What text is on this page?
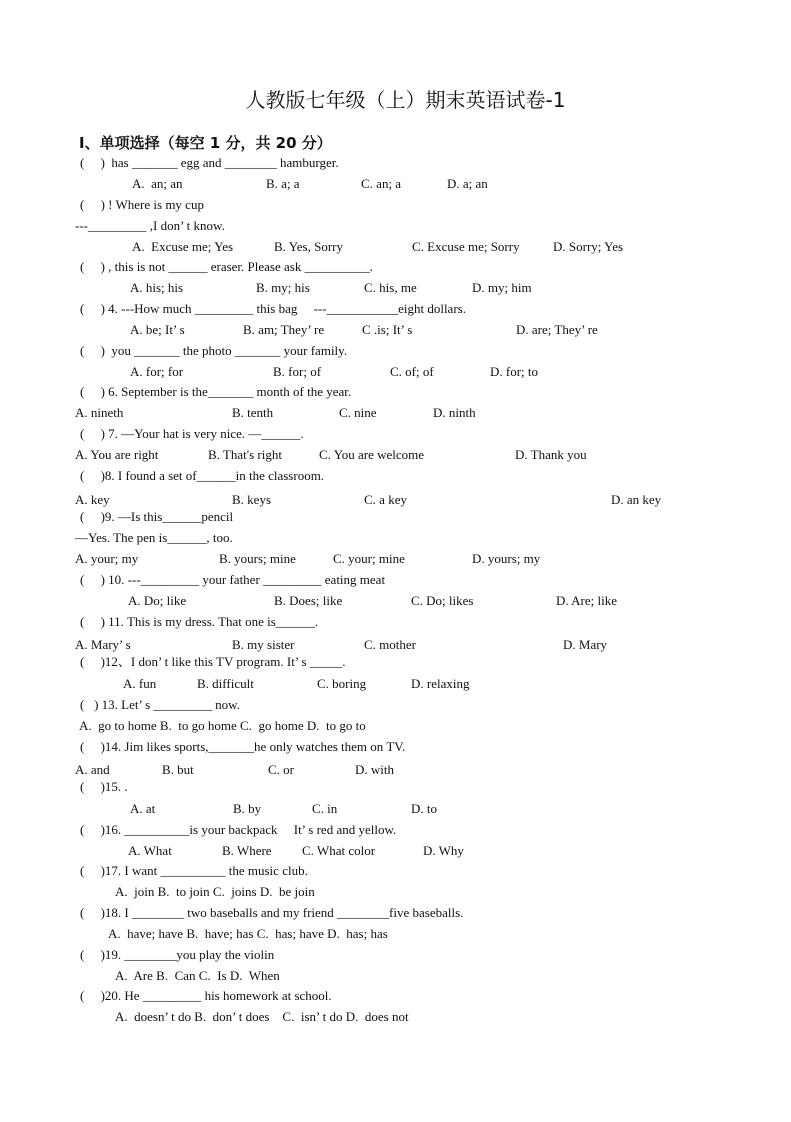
人教版七年级（上）期末英语试卷-1
Ⅰ、单项选择（每空 1 分，共 20 分）
(     )  has _______ egg and ________ hamburger.
A.  an; an	B. a; a	C. an; a	D. a; an
(     ) ! Where is my cup
---_________ ,I don’ t know.
A.  Excuse me; Yes	B. Yes, Sorry	C. Excuse me; Sorry	D. Sorry; Yes
(     ) , this is not ______ eraser. Please ask __________.
A. his; his	B. my; his	C. his, me	D. my; him
(     ) 4. ---How much _________ this bag     ---___________eight dollars.
A. be; It’ s	B. am; They’ re	C .is; It’ s	D. are; They’ re
(     )  you _______ the photo _______ your family.
A. for; for	B. for; of	C. of; of	D. for; to
(     ) 6. September is the_______ month of the year.
A. nineth	B. tenth	C. nine	D. ninth
(     ) 7. —Your hat is very nice. —______.
A. You are right	B. That's right	C. You are welcome	D. Thank you
(     )8. I found a set of______in the classroom.
A. key	B. keys	C. a key	D. an key
(     )9. —Is this______pencil
—Yes. The pen is______, too.
A. your; my	B. yours; mine	C. your; mine	D. yours; my
(     ) 10. ---_________ your father _________ eating meat
A. Do; like	B. Does; like	C. Do; likes	D. Are; like
(     ) 11. This is my dress. That one is______.
A. Mary’ s	B. my sister	C. mother	D. Mary
(     )12、I don’ t like this TV program. It’ s _____.
A. fun	B. difficult	C. boring	D. relaxing
(   ) 13. Let’ s _________ now.
A.  go to home B.  to go home C.  go home D.  to go to
(     )14. Jim likes sports,_______he only watches them on TV.
A. and	B. but	C. or	D. with
(     )15. .
A. at	B. by	C. in	D. to
(     )16. __________is your backpack     It’ s red and yellow.
A. What	B. Where C. What color	D. Why
(     )17. I want __________ the music club.
A.  join B.  to join C.  joins D.  be join
(     )18. I ________ two baseballs and my friend ________five baseballs.
A.  have; have B.  have; has C.  has; have D.  has; has
(     )19. ________you play the violin
A.  Are B.  Can C.  Is D.  When
(     )20. He _________ his homework at school.
A.  doesn’ t do B.  don’ t does    C.  isn’ t do D.  does not
